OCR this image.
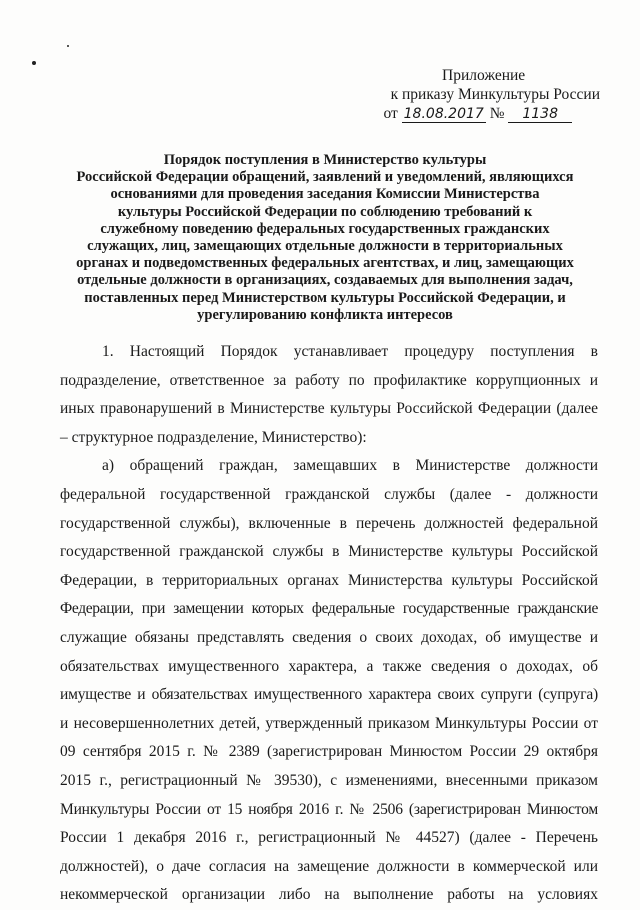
Приложение
к приказу Минкультуры России
от 18.08.2017 № 1138
Порядок поступления в Министерство культуры
Российской Федерации обращений, заявлений и уведомлений, являющихся
основаниями для проведения заседания Комиссии Министерства
культуры Российской Федерации по соблюдению требований к
служебному поведению федеральных государственных гражданских
служащих, лиц, замещающих отдельные должности в территориальных
органах и подведомственных федеральных агентствах, и лиц, замещающих
отдельные должности в организациях, создаваемых для выполнения задач,
поставленных перед Министерством культуры Российской Федерации, и
урегулированию конфликта интересов
1. Настоящий Порядок устанавливает процедуру поступления в
подразделение, ответственное за работу по профилактике коррупционных и
иных правонарушений в Министерстве культуры Российской Федерации (далее
– структурное подразделение, Министерство):
а) обращений граждан, замещавших в Министерстве должности
федеральной государственной гражданской службы (далее - должности
государственной службы), включенные в перечень должностей федеральной
государственной гражданской службы в Министерстве культуры Российской
Федерации, в территориальных органах Министерства культуры Российской
Федерации, при замещении которых федеральные государственные гражданские
служащие обязаны представлять сведения о своих доходах, об имуществе и
обязательствах имущественного характера, а также сведения о доходах, об
имуществе и обязательствах имущественного характера своих супруги (супруга)
и несовершеннолетних детей, утвержденный приказом Минкультуры России от
09 сентября 2015 г. № 2389 (зарегистрирован Минюстом России 29 октября
2015 г., регистрационный № 39530), с изменениями, внесенными приказом
Минкультуры России от 15 ноября 2016 г. № 2506 (зарегистрирован Минюстом
России 1 декабря 2016 г., регистрационный № 44527) (далее - Перечень
должностей), о даче согласия на замещение должности в коммерческой или
некоммерческой организации либо на выполнение работы на условиях
